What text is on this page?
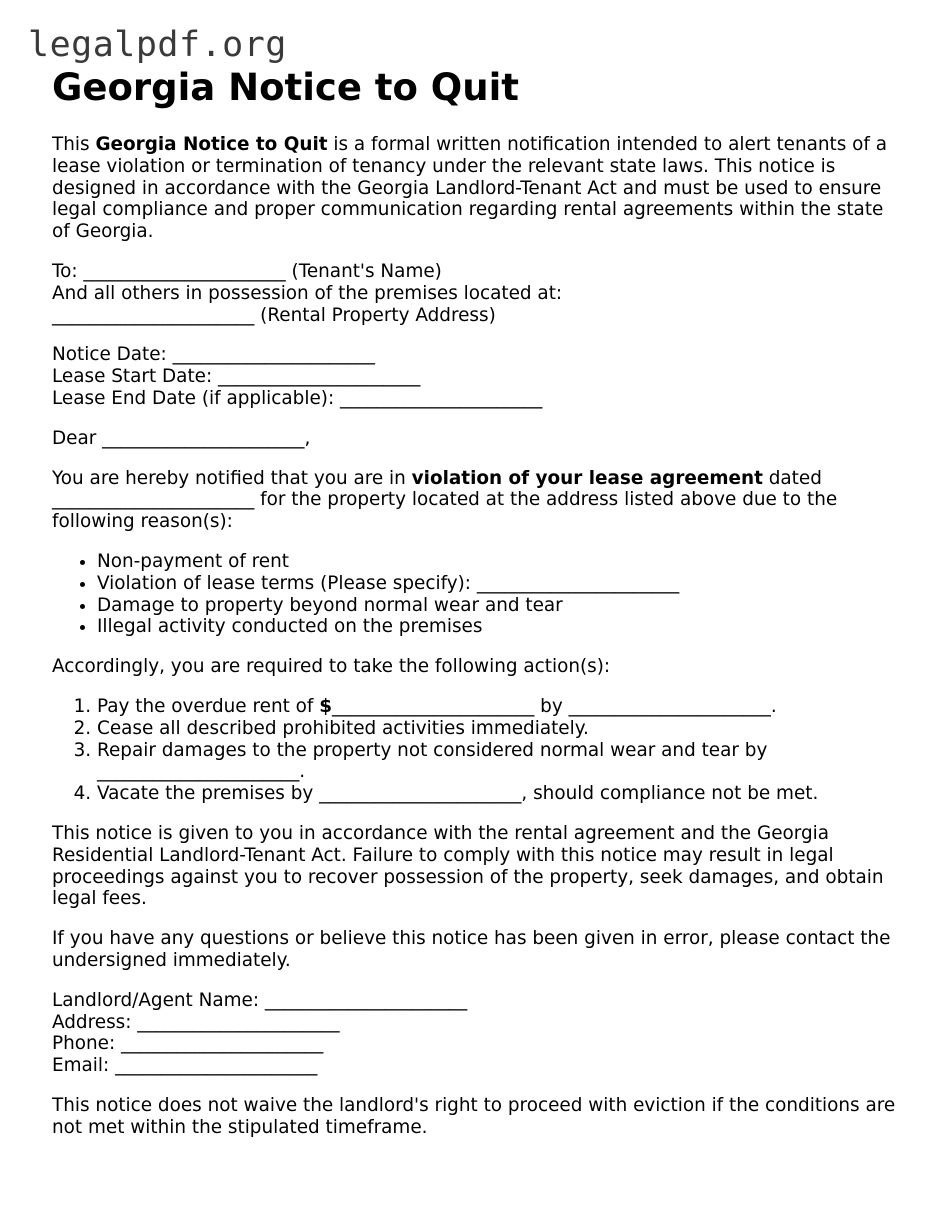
legalpdf.org
Georgia Notice to Quit

This Georgia Notice to Quit is a formal written notification intended to alert tenants of a lease violation or termination of tenancy under the relevant state laws. This notice is designed in accordance with the Georgia Landlord-Tenant Act and must be used to ensure legal compliance and proper communication regarding rental agreements within the state of Georgia.

To: ______________________ (Tenant's Name)
And all others in possession of the premises located at:
______________________ (Rental Property Address)

Notice Date: ______________________
Lease Start Date: ______________________
Lease End Date (if applicable): ______________________

Dear ______________________,

You are hereby notified that you are in violation of your lease agreement dated ______________________ for the property located at the address listed above due to the following reason(s):

• Non-payment of rent
• Violation of lease terms (Please specify): ______________________
• Damage to property beyond normal wear and tear
• Illegal activity conducted on the premises

Accordingly, you are required to take the following action(s):

1. Pay the overdue rent of $______________________ by ______________________.
2. Cease all described prohibited activities immediately.
3. Repair damages to the property not considered normal wear and tear by ______________________.
4. Vacate the premises by ______________________, should compliance not be met.

This notice is given to you in accordance with the rental agreement and the Georgia Residential Landlord-Tenant Act. Failure to comply with this notice may result in legal proceedings against you to recover possession of the property, seek damages, and obtain legal fees.

If you have any questions or believe this notice has been given in error, please contact the undersigned immediately.

Landlord/Agent Name: ______________________
Address: ______________________
Phone: ______________________
Email: ______________________

This notice does not waive the landlord's right to proceed with eviction if the conditions are not met within the stipulated timeframe.
